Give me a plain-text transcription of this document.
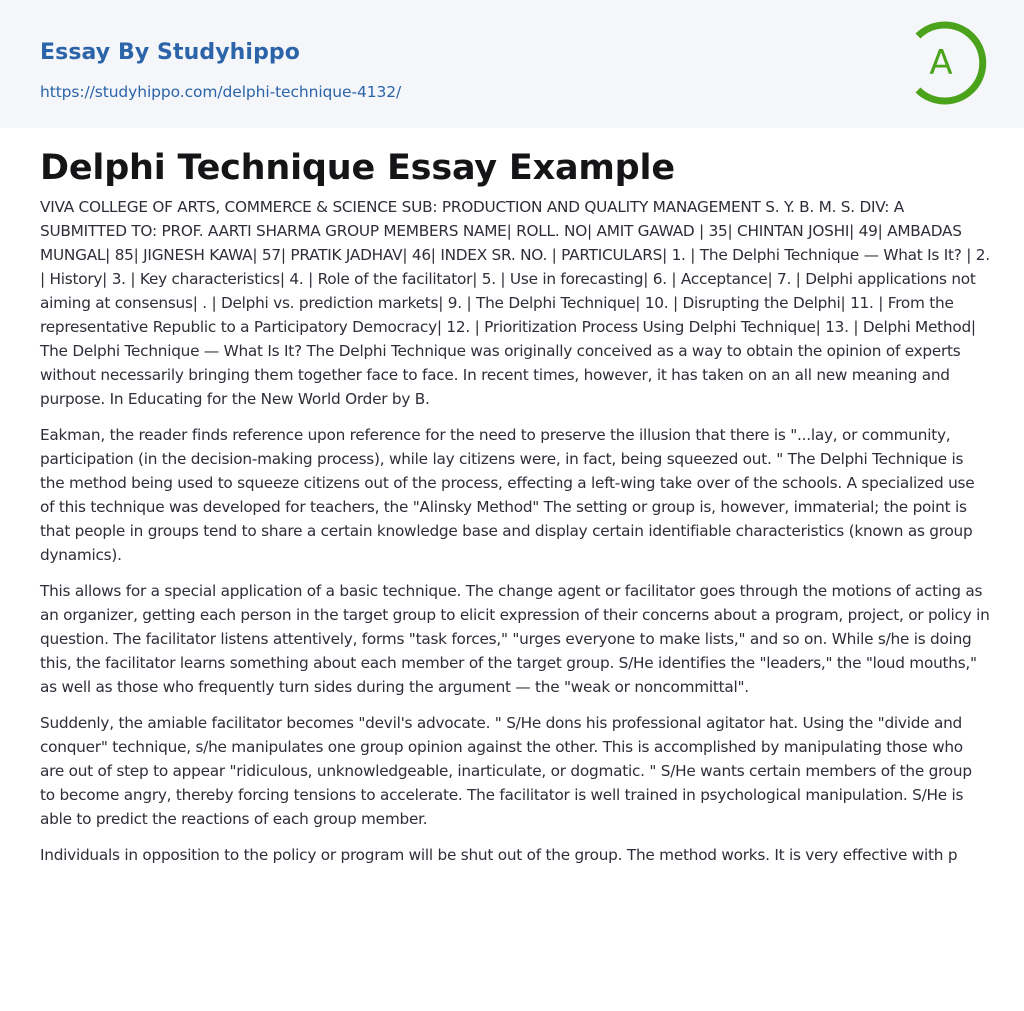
Essay By Studyhippo
https://studyhippo.com/delphi-technique-4132/
A
Delphi Technique Essay Example

VIVA COLLEGE OF ARTS, COMMERCE & SCIENCE SUB: PRODUCTION AND QUALITY MANAGEMENT S. Y. B. M. S. DIV: A SUBMITTED TO: PROF. AARTI SHARMA GROUP MEMBERS NAME| ROLL. NO| AMIT GAWAD | 35| CHINTAN JOSHI| 49| AMBADAS MUNGAL| 85| JIGNESH KAWA| 57| PRATIK JADHAV| 46| INDEX SR. NO. | PARTICULARS| 1. | The Delphi Technique — What Is It? | 2. | History| 3. | Key characteristics| 4. | Role of the facilitator| 5. | Use in forecasting| 6. | Acceptance| 7. | Delphi applications not aiming at consensus| . | Delphi vs. prediction markets| 9. | The Delphi Technique| 10. | Disrupting the Delphi| 11. | From the representative Republic to a Participatory Democracy| 12. | Prioritization Process Using Delphi Technique| 13. | Delphi Method| The Delphi Technique — What Is It? The Delphi Technique was originally conceived as a way to obtain the opinion of experts without necessarily bringing them together face to face. In recent times, however, it has taken on an all new meaning and purpose. In Educating for the New World Order by B.

Eakman, the reader finds reference upon reference for the need to preserve the illusion that there is "...lay, or community, participation (in the decision-making process), while lay citizens were, in fact, being squeezed out. " The Delphi Technique is the method being used to squeeze citizens out of the process, effecting a left-wing take over of the schools. A specialized use of this technique was developed for teachers, the "Alinsky Method" The setting or group is, however, immaterial; the point is that people in groups tend to share a certain knowledge base and display certain identifiable characteristics (known as group dynamics).

This allows for a special application of a basic technique. The change agent or facilitator goes through the motions of acting as an organizer, getting each person in the target group to elicit expression of their concerns about a program, project, or policy in question. The facilitator listens attentively, forms "task forces," "urges everyone to make lists," and so on. While s/he is doing this, the facilitator learns something about each member of the target group. S/He identifies the "leaders," the "loud mouths," as well as those who frequently turn sides during the argument — the "weak or noncommittal".

Suddenly, the amiable facilitator becomes "devil's advocate. " S/He dons his professional agitator hat. Using the "divide and conquer" technique, s/he manipulates one group opinion against the other. This is accomplished by manipulating those who are out of step to appear "ridiculous, unknowledgeable, inarticulate, or dogmatic. " S/He wants certain members of the group to become angry, thereby forcing tensions to accelerate. The facilitator is well trained in psychological manipulation. S/He is able to predict the reactions of each group member.

Individuals in opposition to the policy or program will be shut out of the group. The method works. It is very effective with p
